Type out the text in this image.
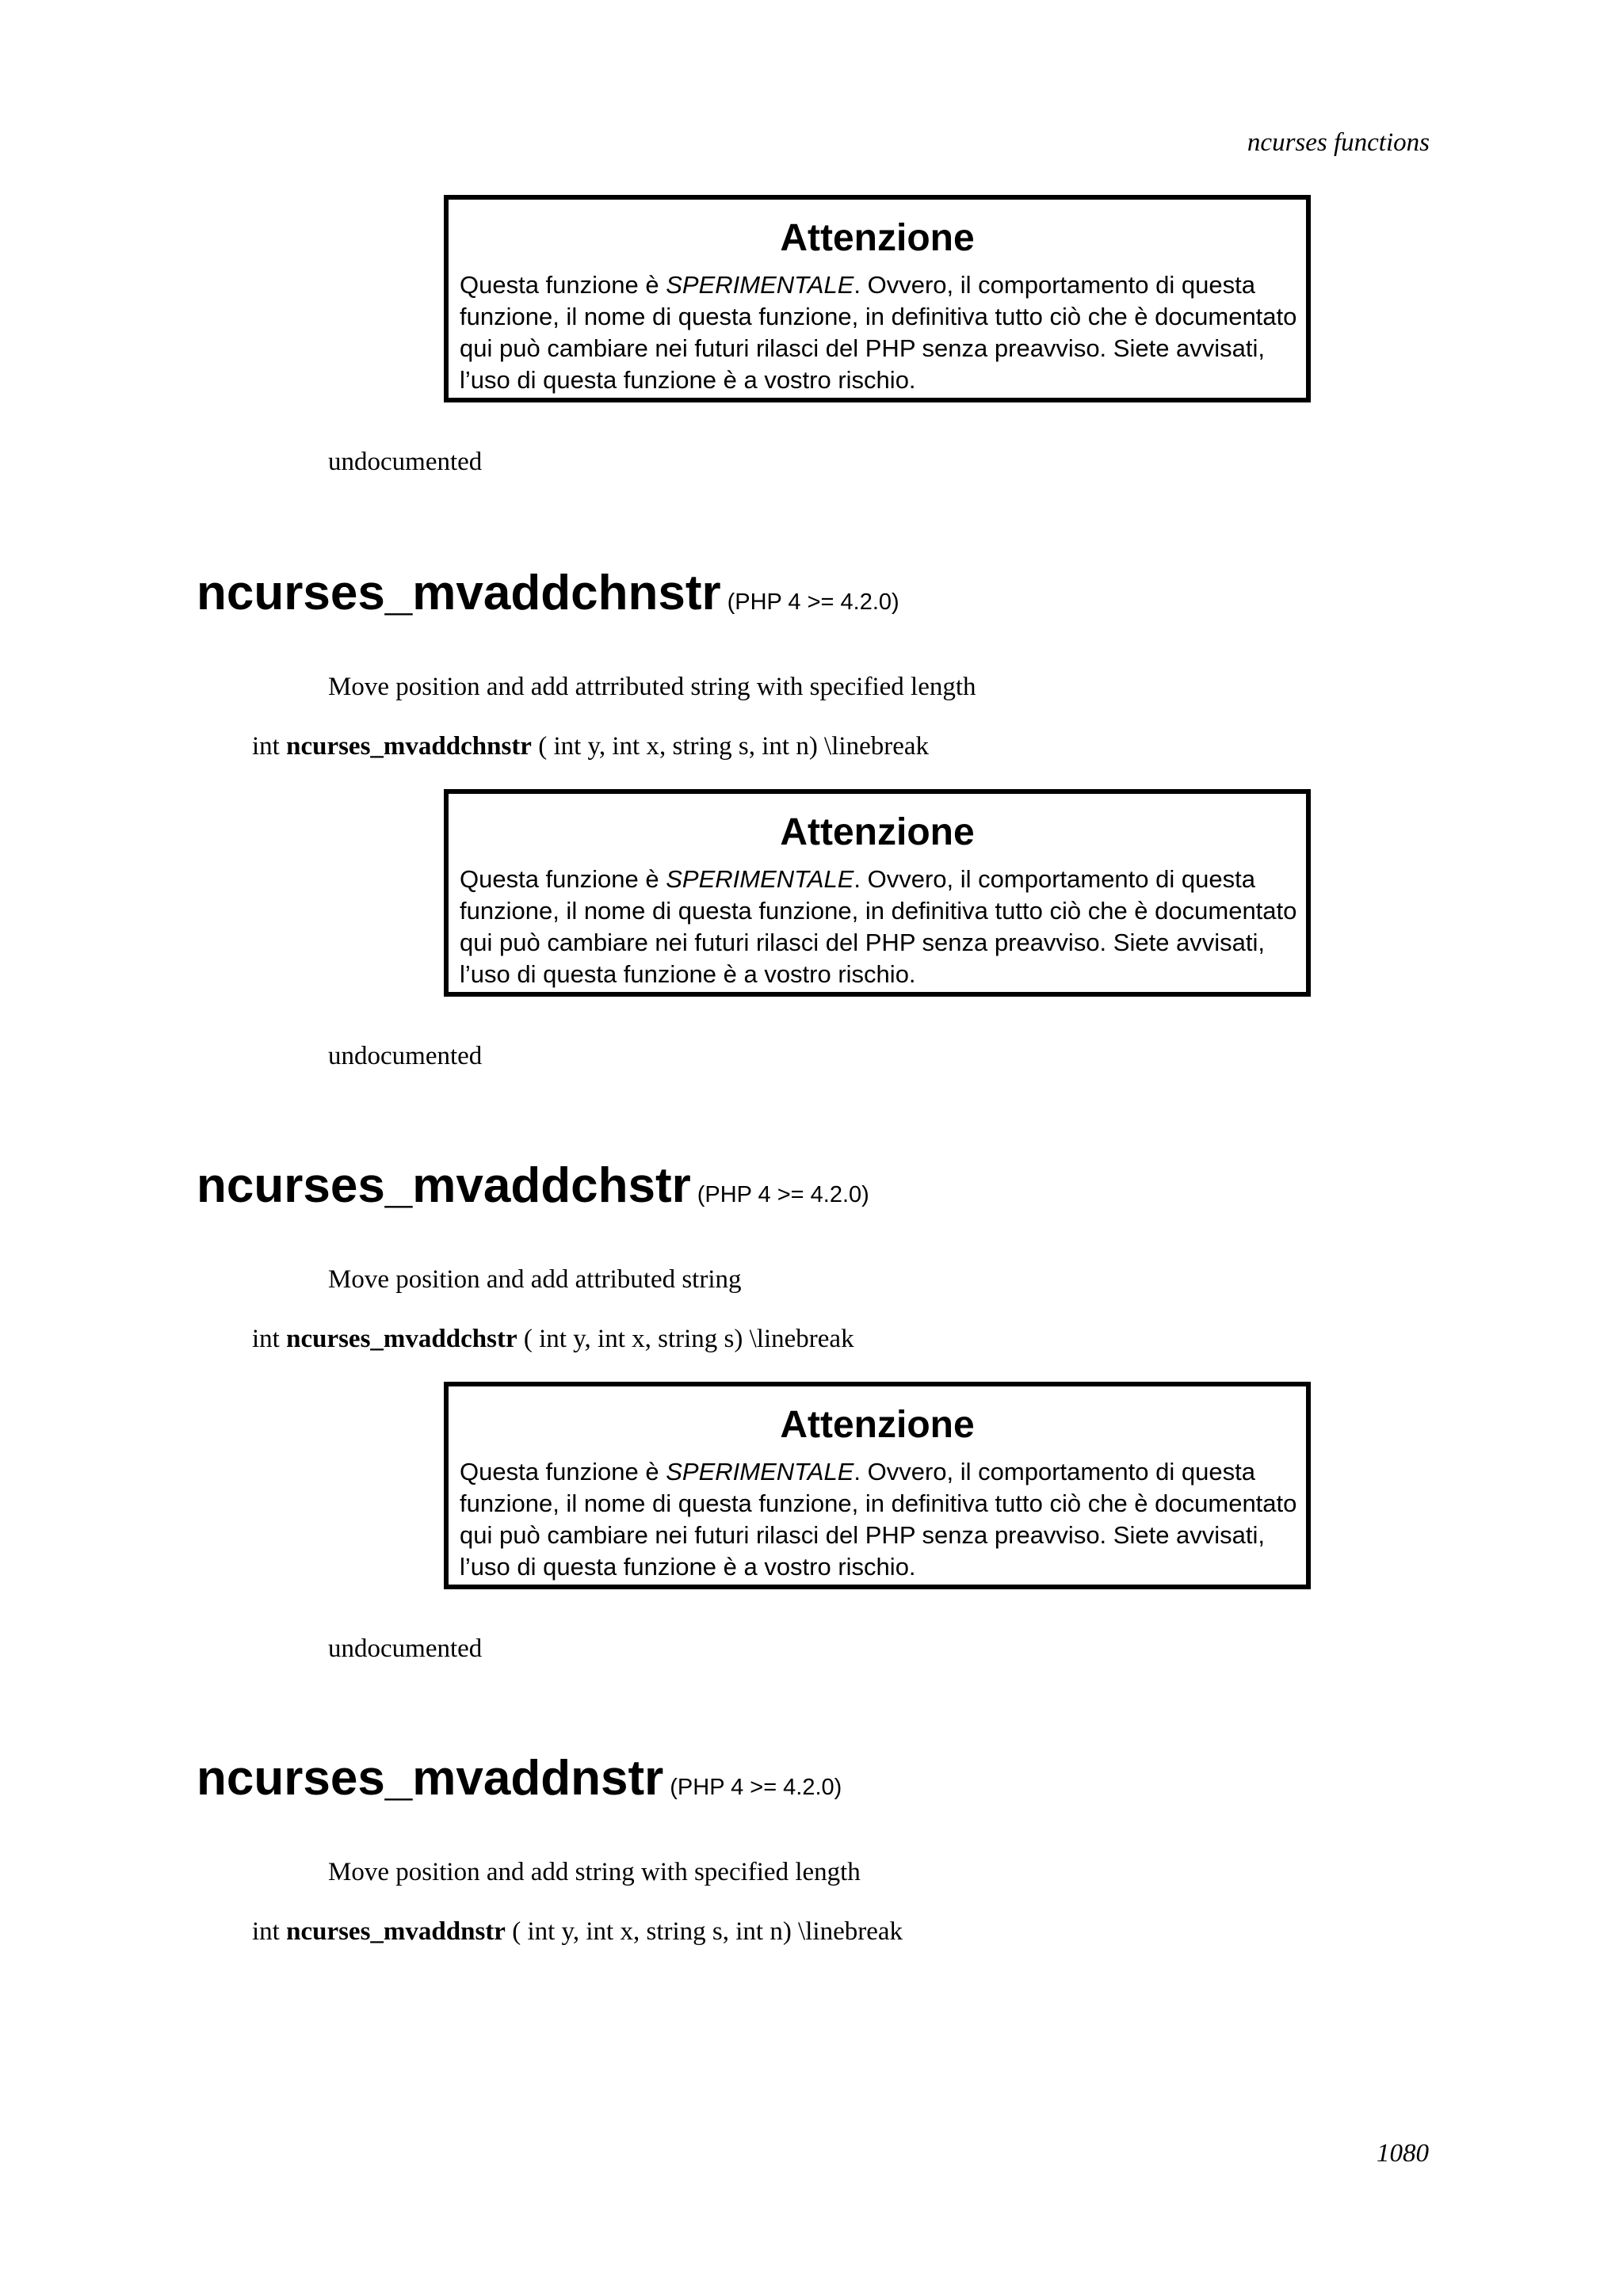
ncurses functions
Attenzione
Questa funzione è SPERIMENTALE. Ovvero, il comportamento di questa funzione, il nome di questa funzione, in definitiva tutto ciò che è documentato qui può cambiare nei futuri rilasci del PHP senza preavviso. Siete avvisati, l’uso di questa funzione è a vostro rischio.
undocumented
ncurses_mvaddchnstr (PHP 4 >= 4.2.0)
Move position and add attrributed string with specified length
int ncurses_mvaddchnstr ( int y, int x, string s, int n) \linebreak
Attenzione
Questa funzione è SPERIMENTALE. Ovvero, il comportamento di questa funzione, il nome di questa funzione, in definitiva tutto ciò che è documentato qui può cambiare nei futuri rilasci del PHP senza preavviso. Siete avvisati, l’uso di questa funzione è a vostro rischio.
undocumented
ncurses_mvaddchstr (PHP 4 >= 4.2.0)
Move position and add attributed string
int ncurses_mvaddchstr ( int y, int x, string s) \linebreak
Attenzione
Questa funzione è SPERIMENTALE. Ovvero, il comportamento di questa funzione, il nome di questa funzione, in definitiva tutto ciò che è documentato qui può cambiare nei futuri rilasci del PHP senza preavviso. Siete avvisati, l’uso di questa funzione è a vostro rischio.
undocumented
ncurses_mvaddnstr (PHP 4 >= 4.2.0)
Move position and add string with specified length
int ncurses_mvaddnstr ( int y, int x, string s, int n) \linebreak
1080
